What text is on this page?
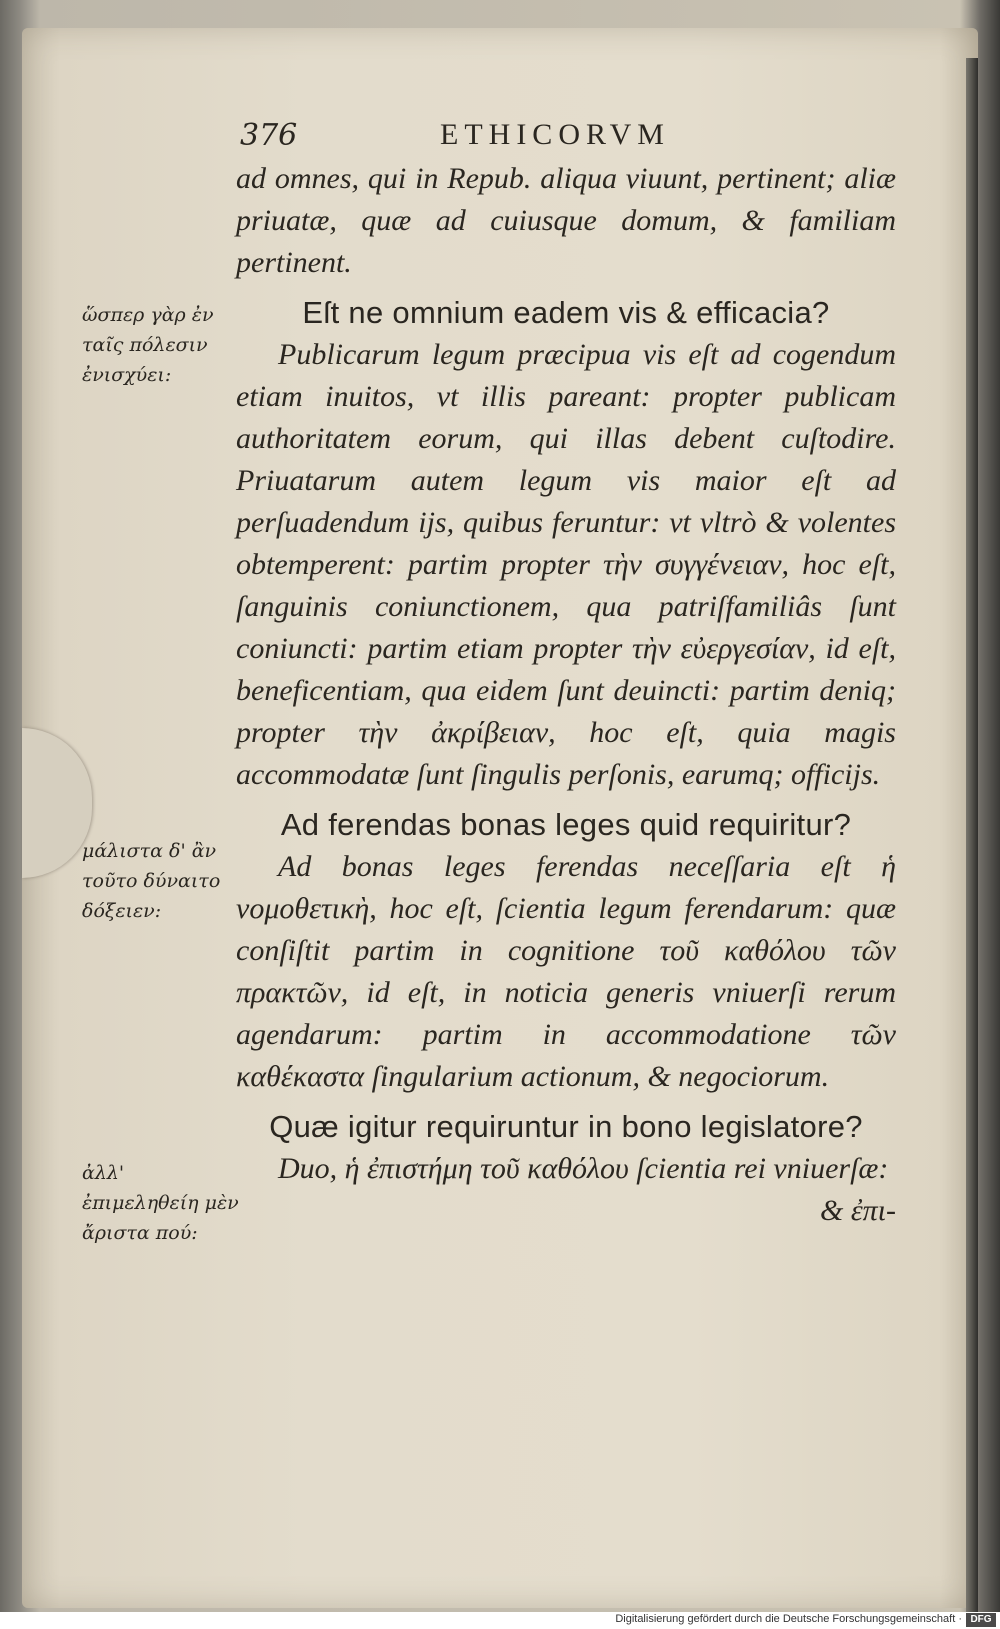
376	ETHICORVM
ὥσπερ γὰρ ἐν ταῖς πόλεσιν ἐνισχύει:
μάλιστα δ' ἂν τοῦτο δύναιτο δόξειεν:
ἀλλ' ἐπιμεληθείη μὲν ἄριστα πού:

ad omnes, qui in Repub. aliqua viuunt, pertinent; aliæ priuatæ, quæ ad cuiusque domum, & familiam pertinent.

Eſt ne omnium eadem vis & efficacia?

Publicarum legum præcipua vis eſt ad cogendum etiam inuitos, vt illis pareant: propter publicam authoritatem eorum, qui illas debent cuſtodire. Priuatarum autem legum vis maior eſt ad perſuadendum ijs, quibus feruntur: vt vltrò & volentes obtemperent: partim propter τὴν συγγένειαν, hoc eſt, ſanguinis coniunctionem, qua patriſfamiliâs ſunt coniuncti: partim etiam propter τὴν εὐεργεσίαν, id eſt, beneficentiam, qua eidem ſunt deuincti: partim deniq; propter τὴν ἀκρίβειαν, hoc eſt, quia magis accommodatæ ſunt ſingulis perſonis, earumq; officijs.

Ad ferendas bonas leges quid requiritur?

Ad bonas leges ferendas neceſſaria eſt ἡ νομοθετικὴ, hoc eſt, ſcientia legum ferendarum: quæ conſiſtit partim in cognitione τοῦ καθόλου τῶν πρακτῶν, id eſt, in noticia generis vniuerſi rerum agendarum: partim in accommodatione τῶν καθέκαστα ſingularium actionum, & negociorum.

Quæ igitur requiruntur in bono legislatore?

Duo, ἡ ἐπιστήμη τοῦ καθόλου ſcientia rei vniuerſæ:

& ἐπι-

Digitalisierung gefördert durch die Deutsche Forschungsgemeinschaft · DFG
